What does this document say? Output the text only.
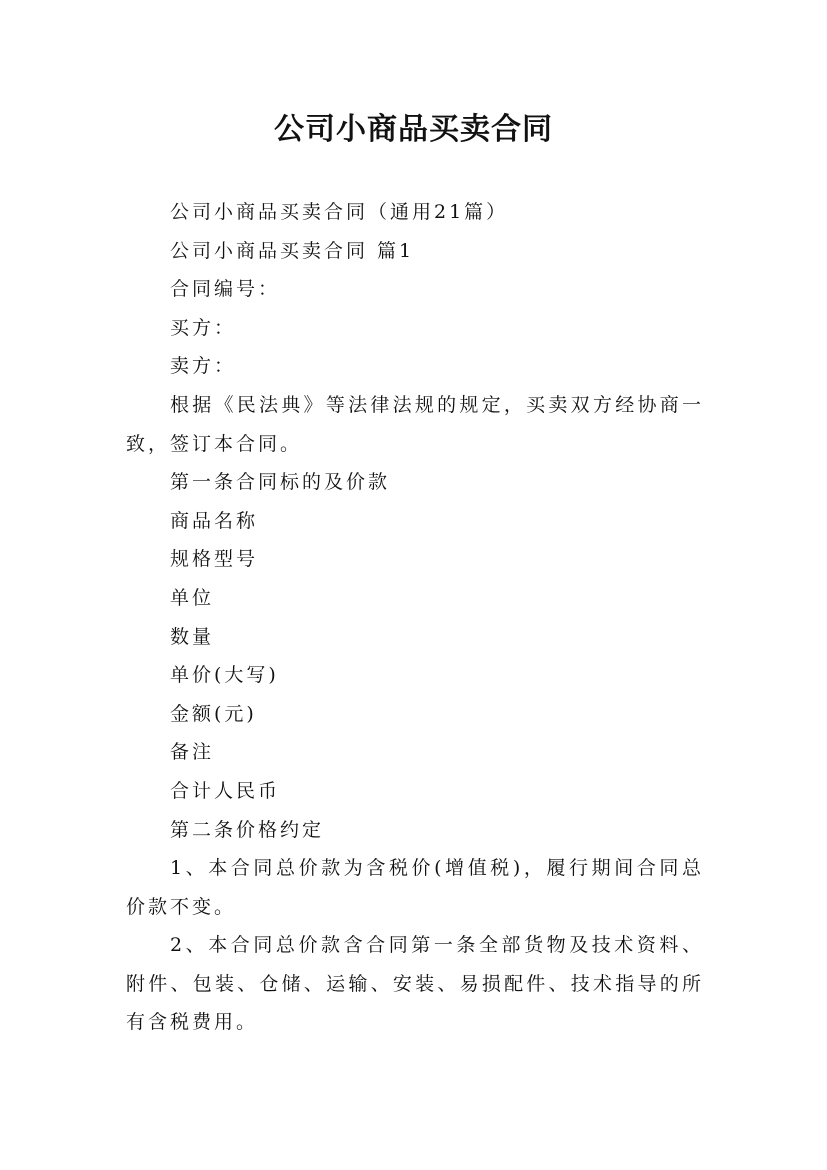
公司小商品买卖合同

公司小商品买卖合同（通用21篇）

公司小商品买卖合同 篇1

合同编号：

买方：

卖方：

根据《民法典》等法律法规的规定，买卖双方经协商一致，签订本合同。

第一条合同标的及价款

商品名称

规格型号

单位

数量

单价(大写)

金额(元)

备注

合计人民币

第二条价格约定

1、本合同总价款为含税价(增值税)，履行期间合同总价款不变。

2、本合同总价款含合同第一条全部货物及技术资料、附件、包装、仓储、运输、安装、易损配件、技术指导的所有含税费用。
